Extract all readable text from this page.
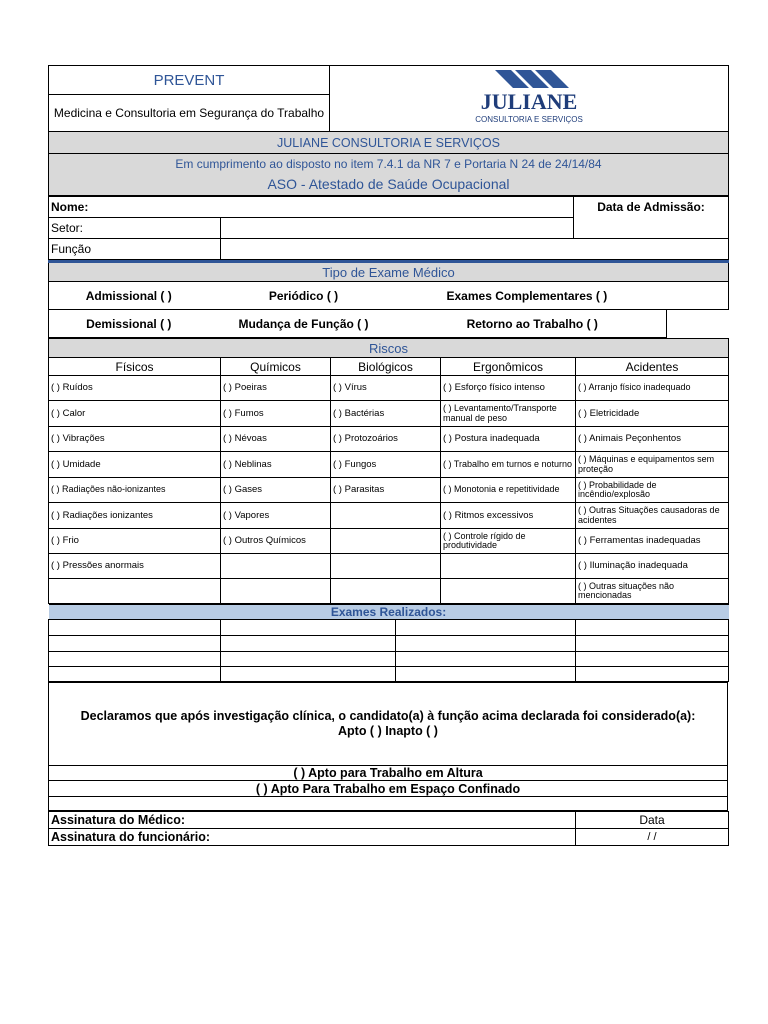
PREVENT	
JULIANE
CONSULTORIA E SERVIÇOS

Medicina e Consultoria em Segurança do Trabalho
JULIANE CONSULTORIA E SERVIÇOS
Em cumprimento ao disposto no item 7.4.1 da NR 7 e Portaria N 24 de 24/14/84
ASO - Atestado de Saúde Ocupacional
Nome:		Data de Admissão:
Setor:		
Função		
Tipo de Exame Médico			
Admissional ( )	Periódico ( )	Exames Complementares ( )	
Demissional ( )	Mudança de Função ( )	Retorno ao Trabalho ( )	
Riscos				
Físicos	Químicos	Biológicos	Ergonômicos	Acidentes
( ) Ruídos	( ) Poeiras	( ) Vírus	( ) Esforço físico intenso	( ) Arranjo físico inadequado
( ) Calor	( ) Fumos	( ) Bactérias	( ) Levantamento/Transporte manual de peso	( ) Eletricidade
( ) Vibrações	( ) Névoas	( ) Protozoários	( ) Postura inadequada	( ) Animais Peçonhentos
( ) Umidade	( ) Neblinas	( ) Fungos	( ) Trabalho em turnos e noturno	( ) Máquinas e equipamentos sem proteção
( ) Radiações não-ionizantes	( ) Gases	( ) Parasitas	( ) Monotonia e repetitividade	( ) Probabilidade de incêndio/explosão
( ) Radiações ionizantes	( ) Vapores		( ) Ritmos excessivos	( ) Outras Situações causadoras de acidentes
( ) Frio	( ) Outros Químicos		( ) Controle rígido de produtividade	( ) Ferramentas inadequadas
( ) Pressões anormais				( ) Iluminação inadequada
				( ) Outras situações não mencionadas
Exames Realizados:			

Declaramos que após investigação clínica, o candidato(a) à função acima declarada foi considerado(a):
Apto ( ) Inapto ( )

( ) Apto para Trabalho em Altura
( ) Apto Para Trabalho em Espaço Confinado

Assinatura do Médico:	Data
Assinatura do funcionário:	/ /
